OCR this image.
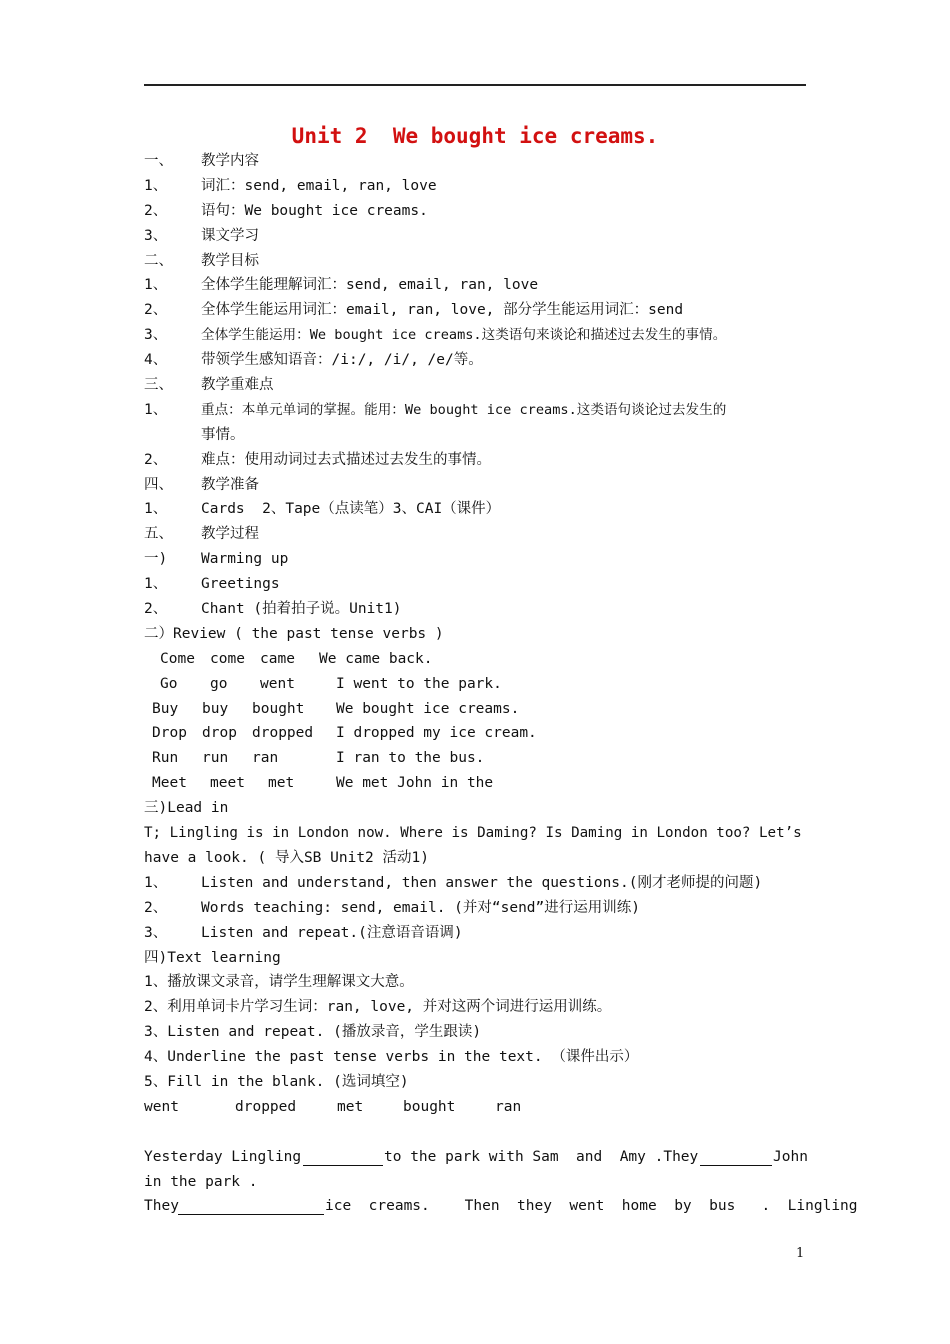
Unit 2  We bought ice creams.
一、 教学内容
1、 词汇：send, email, ran, love
2、 语句：We bought ice creams.
3、 课文学习
二、 教学目标
1、 全体学生能理解词汇：send, email, ran, love
2、 全体学生能运用词汇：email, ran, love, 部分学生能运用词汇：send
3、 全体学生能运用：We bought ice creams.这类语句来谈论和描述过去发生的事情。
4、 带领学生感知语音：/i:/, /i/, /e/等。
三、 教学重难点
1、 重点：本单元单词的掌握。能用：We bought ice creams.这类语句谈论过去发生的
事情。
2、 难点：使用动词过去式描述过去发生的事情。
四、 教学准备
1、 Cards  2、Tape（点读笔）3、CAI（课件）
五、 教学过程
一) Warming up
1、 Greetings
2、 Chant (拍着拍子说。Unit1)
二）Review ( the past tense verbs )
Come come came We came back.
Go go went	I went to the park.
Buy buy bought We bought ice creams.
Drop drop dropped I dropped my ice cream.
Run run ran	I ran to the bus.
Meet meet met	We met John in the
三)Lead in
T; Lingling is in London now. Where is Daming? Is Daming in London too? Let’s
have a look. ( 导入SB Unit2 活动1)
1、 Listen and understand, then answer the questions.(刚才老师提的问题)
2、 Words teaching: send, email. (并对“send”进行运用训练)
3、 Listen and repeat.(注意语音语调)
四)Text learning
1、播放课文录音，请学生理解课文大意。
2、利用单词卡片学习生词：ran, love, 并对这两个词进行运用训练。
3、Listen and repeat. (播放录音，学生跟读)
4、Underline the past tense verbs in the text. （课件出示）
5、Fill in the blank. (选词填空)
went	dropped	met	bought	ran
Yesterday Lingling	to the park with Sam  and  Amy .They	John
in the park .
They	ice  creams.    Then  they  went  home  by  bus   .  Lingling
1
